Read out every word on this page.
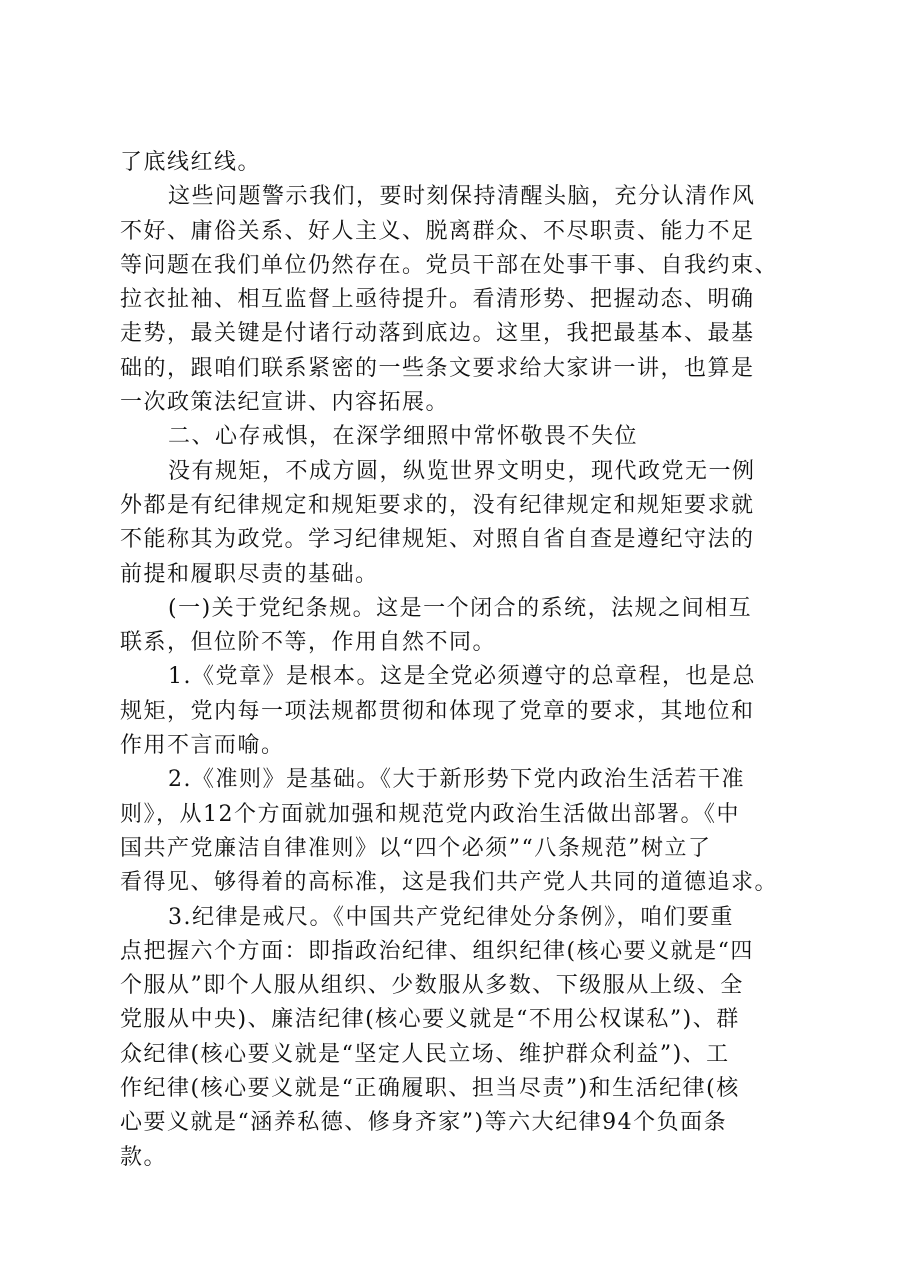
了底线红线。
这些问题警示我们，要时刻保持清醒头脑，充分认清作风
不好、庸俗关系、好人主义、脱离群众、不尽职责、能力不足
等问题在我们单位仍然存在。党员干部在处事干事、自我约束、
拉衣扯袖、相互监督上亟待提升。看清形势、把握动态、明确
走势，最关键是付诸行动落到底边。这里，我把最基本、最基
础的，跟咱们联系紧密的一些条文要求给大家讲一讲，也算是
一次政策法纪宣讲、内容拓展。
二、心存戒惧，在深学细照中常怀敬畏不失位
没有规矩，不成方圆，纵览世界文明史，现代政党无一例
外都是有纪律规定和规矩要求的，没有纪律规定和规矩要求就
不能称其为政党。学习纪律规矩、对照自省自查是遵纪守法的
前提和履职尽责的基础。
(一)关于党纪条规。这是一个闭合的系统，法规之间相互
联系，但位阶不等，作用自然不同。
1.《党章》是根本。这是全党必须遵守的总章程，也是总
规矩，党内每一项法规都贯彻和体现了党章的要求，其地位和
作用不言而喻。
2.《准则》是基础。《大于新形势下党内政治生活若干准
则》，从12个方面就加强和规范党内政治生活做出部署。《中
国共产党廉洁自律准则》以“四个必须”“八条规范”树立了
看得见、够得着的高标准，这是我们共产党人共同的道德追求。
3.纪律是戒尺。《中国共产党纪律处分条例》，咱们要重
点把握六个方面：即指政治纪律、组织纪律(核心要义就是“四
个服从”即个人服从组织、少数服从多数、下级服从上级、全
党服从中央)、廉洁纪律(核心要义就是“不用公权谋私”)、群
众纪律(核心要义就是“坚定人民立场、维护群众利益”)、工
作纪律(核心要义就是“正确履职、担当尽责”)和生活纪律(核
心要义就是“涵养私德、修身齐家”)等六大纪律94个负面条
款。
